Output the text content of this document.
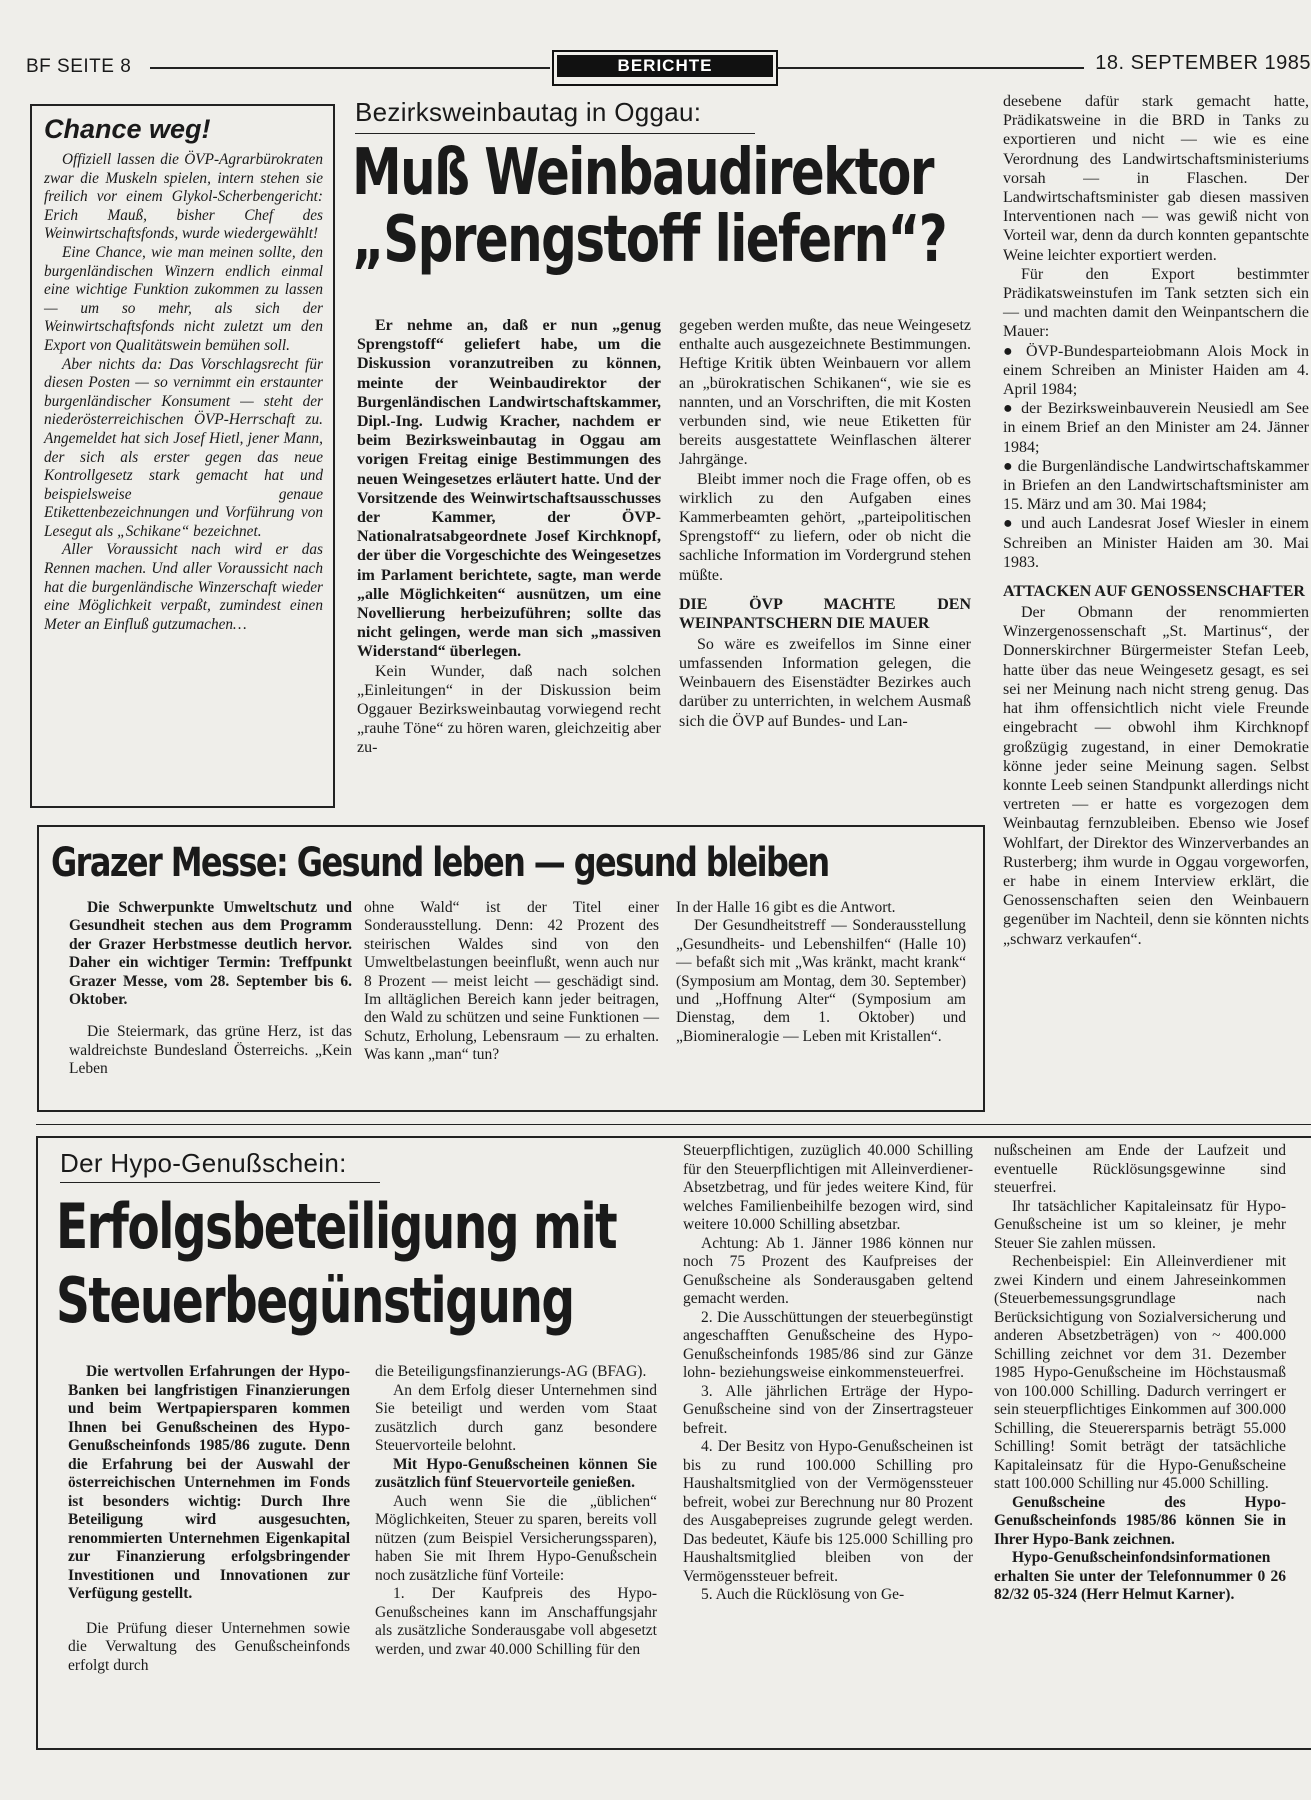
BF SEITE 8	BERICHTE	18. SEPTEMBER 1985
Chance weg!

Offiziell lassen die ÖVP-Agrarbürokraten zwar die Muskeln spielen, intern stehen sie freilich vor einem Glykol-Scherbengericht: Erich Mauß, bisher Chef des Weinwirtschaftsfonds, wurde wiedergewählt!

Eine Chance, wie man meinen sollte, den burgenländischen Winzern endlich einmal eine wichtige Funktion zukommen zu lassen — um so mehr, als sich der Weinwirtschaftsfonds nicht zuletzt um den Export von Qualitätswein bemühen soll.

Aber nichts da: Das Vorschlagsrecht für diesen Posten — so vernimmt ein erstaunter burgenländischer Konsument — steht der niederösterreichischen ÖVP-Herrschaft zu. Angemeldet hat sich Josef Hietl, jener Mann, der sich als erster gegen das neue Kontrollgesetz stark gemacht hat und beispielsweise genaue Etikettenbezeichnungen und Vorführung von Lesegut als „Schikane“ bezeichnet.

Aller Voraussicht nach wird er das Rennen machen. Und aller Voraussicht nach hat die burgenländische Winzerschaft wieder eine Möglichkeit verpaßt, zumindest einen Meter an Einfluß gutzumachen…

Bezirksweinbautag in Oggau:
Muß Weinbaudirektor
„Sprengstoff liefern“?

Er nehme an, daß er nun „genug Sprengstoff“ geliefert habe, um die Diskussion voranzutreiben zu können, meinte der Weinbaudirektor der Burgenländischen Landwirtschaftskammer, Dipl.-Ing. Ludwig Kracher, nachdem er beim Bezirksweinbautag in Oggau am vorigen Freitag einige Bestimmungen des neuen Weingesetzes erläutert hatte. Und der Vorsitzende des Weinwirtschaftsausschusses der Kammer, der ÖVP-Nationalratsabgeordnete Josef Kirchknopf, der über die Vorgeschichte des Weingesetzes im Parlament berichtete, sagte, man werde „alle Möglichkeiten“ ausnützen, um eine Novellierung herbeizuführen; sollte das nicht gelingen, werde man sich „massiven Widerstand“ überlegen.

Kein Wunder, daß nach solchen „Einleitungen“ in der Diskussion beim Oggauer Bezirksweinbautag vorwiegend recht „rauhe Töne“ zu hören waren, gleichzeitig aber zu-

gegeben werden mußte, das neue Weingesetz enthalte auch ausgezeichnete Bestimmungen. Heftige Kritik übten Weinbauern vor allem an „bürokratischen Schikanen“, wie sie es nannten, und an Vorschriften, die mit Kosten verbunden sind, wie neue Etiketten für bereits ausgestattete Weinflaschen älterer Jahrgänge.

Bleibt immer noch die Frage offen, ob es wirklich zu den Aufgaben eines Kammerbeamten gehört, „parteipolitischen Sprengstoff“ zu liefern, oder ob nicht die sachliche Information im Vordergrund stehen müßte.

DIE ÖVP MACHTE DEN WEINPANTSCHERN DIE MAUER

So wäre es zweifellos im Sinne einer umfassenden Information gelegen, die Weinbauern des Eisenstädter Bezirkes auch darüber zu unterrichten, in welchem Ausmaß sich die ÖVP auf Bundes- und Lan-

desebene dafür stark gemacht hatte, Prädikatsweine in die BRD in Tanks zu exportieren und nicht — wie es eine Verordnung des Landwirtschaftsministeriums vorsah — in Flaschen. Der Landwirtschaftsminister gab diesen massiven Interventionen nach — was gewiß nicht von Vorteil war, denn da durch konnten gepantschte Weine leichter exportiert werden.

Für den Export bestimmter Prädikatsweinstufen im Tank setzten sich ein — und machten damit den Weinpantschern die Mauer:

● ÖVP-Bundesparteiobmann Alois Mock in einem Schreiben an Minister Haiden am 4. April 1984;

● der Bezirksweinbauverein Neusiedl am See in einem Brief an den Minister am 24. Jänner 1984;

● die Burgenländische Landwirtschaftskammer in Briefen an den Landwirtschaftsminister am 15. März und am 30. Mai 1984;

● und auch Landesrat Josef Wiesler in einem Schreiben an Minister Haiden am 30. Mai 1983.

ATTACKEN AUF GENOSSENSCHAFTER

Der Obmann der renommierten Winzergenossenschaft „St. Martinus“, der Donnerskirchner Bürgermeister Stefan Leeb, hatte über das neue Weingesetz gesagt, es sei sei ner Meinung nach nicht streng genug. Das hat ihm offensichtlich nicht viele Freunde eingebracht — obwohl ihm Kirchknopf großzügig zugestand, in einer Demokratie könne jeder seine Meinung sagen. Selbst konnte Leeb seinen Standpunkt allerdings nicht vertreten — er hatte es vorgezogen dem Weinbautag fernzubleiben. Ebenso wie Josef Wohlfart, der Direktor des Winzerverbandes an Rusterberg; ihm wurde in Oggau vorgeworfen, er habe in einem Interview erklärt, die Genossenschaften seien den Weinbauern gegenüber im Nachteil, denn sie könnten nichts „schwarz verkaufen“.

Grazer Messe: Gesund leben — gesund bleiben

Die Schwerpunkte Umweltschutz und Gesundheit stechen aus dem Programm der Grazer Herbstmesse deutlich hervor. Daher ein wichtiger Termin: Treffpunkt Grazer Messe, vom 28. September bis 6. Oktober.

Die Steiermark, das grüne Herz, ist das waldreichste Bundesland Österreichs. „Kein Leben

ohne Wald“ ist der Titel einer Sonderausstellung. Denn: 42 Prozent des steirischen Waldes sind von den Umweltbelastungen beeinflußt, wenn auch nur 8 Prozent — meist leicht — geschädigt sind. Im alltäglichen Bereich kann jeder beitragen, den Wald zu schützen und seine Funktionen — Schutz, Erholung, Lebensraum — zu erhalten. Was kann „man“ tun?

In der Halle 16 gibt es die Antwort.

Der Gesundheitstreff — Sonderausstellung „Gesundheits- und Lebenshilfen“ (Halle 10) — befaßt sich mit „Was kränkt, macht krank“ (Symposium am Montag, dem 30. September) und „Hoffnung Alter“ (Symposium am Dienstag, dem 1. Oktober) und „Biomineralogie — Leben mit Kristallen“.

Der Hypo-Genußschein:
Erfolgsbeteiligung mit
Steuerbegünstigung

Die wertvollen Erfahrungen der Hypo-Banken bei langfristigen Finanzierungen und beim Wertpapiersparen kommen Ihnen bei Genußscheinen des Hypo-Genußscheinfonds 1985/86 zugute. Denn die Erfahrung bei der Auswahl der österreichischen Unternehmen im Fonds ist besonders wichtig: Durch Ihre Beteiligung wird ausgesuchten, renommierten Unternehmen Eigenkapital zur Finanzierung erfolgsbringender Investitionen und Innovationen zur Verfügung gestellt.

Die Prüfung dieser Unternehmen sowie die Verwaltung des Genußscheinfonds erfolgt durch

die Beteiligungsfinanzierungs-AG (BFAG).

An dem Erfolg dieser Unternehmen sind Sie beteiligt und werden vom Staat zusätzlich durch ganz besondere Steuervorteile belohnt.

Mit Hypo-Genußscheinen können Sie zusätzlich fünf Steuervorteile genießen.

Auch wenn Sie die „üblichen“ Möglichkeiten, Steuer zu sparen, bereits voll nützen (zum Beispiel Versicherungssparen), haben Sie mit Ihrem Hypo-Genußschein noch zusätzliche fünf Vorteile:

1. Der Kaufpreis des Hypo-Genußscheines kann im Anschaffungsjahr als zusätzliche Sonderausgabe voll abgesetzt werden, und zwar 40.000 Schilling für den

Steuerpflichtigen, zuzüglich 40.000 Schilling für den Steuerpflichtigen mit Alleinverdiener-Absetzbetrag, und für jedes weitere Kind, für welches Familienbeihilfe bezogen wird, sind weitere 10.000 Schilling absetzbar.

Achtung: Ab 1. Jänner 1986 können nur noch 75 Prozent des Kaufpreises der Genußscheine als Sonderausgaben geltend gemacht werden.

2. Die Ausschüttungen der steuerbegünstigt angeschafften Genußscheine des Hypo-Genußscheinfonds 1985/86 sind zur Gänze lohn- beziehungsweise einkommensteuerfrei.

3. Alle jährlichen Erträge der Hypo-Genußscheine sind von der Zinsertragsteuer befreit.

4. Der Besitz von Hypo-Genußscheinen ist bis zu rund 100.000 Schilling pro Haushaltsmitglied von der Vermögenssteuer befreit, wobei zur Berechnung nur 80 Prozent des Ausgabepreises zugrunde gelegt werden. Das bedeutet, Käufe bis 125.000 Schilling pro Haushaltsmitglied bleiben von der Vermögenssteuer befreit.

5. Auch die Rücklösung von Ge-

nußscheinen am Ende der Laufzeit und eventuelle Rücklösungsgewinne sind steuerfrei.

Ihr tatsächlicher Kapitaleinsatz für Hypo-Genußscheine ist um so kleiner, je mehr Steuer Sie zahlen müssen.

Rechenbeispiel: Ein Alleinverdiener mit zwei Kindern und einem Jahreseinkommen (Steuerbemessungsgrundlage nach Berücksichtigung von Sozialversicherung und anderen Absetzbeträgen) von ~ 400.000 Schilling zeichnet vor dem 31. Dezember 1985 Hypo-Genußscheine im Höchstausmaß von 100.000 Schilling. Dadurch verringert er sein steuerpflichtiges Einkommen auf 300.000 Schilling, die Steuerersparnis beträgt 55.000 Schilling! Somit beträgt der tatsächliche Kapitaleinsatz für die Hypo-Genußscheine statt 100.000 Schilling nur 45.000 Schilling.

Genußscheine des Hypo-Genußscheinfonds 1985/86 können Sie in Ihrer Hypo-Bank zeichnen.

Hypo-Genußscheinfondsinformationen erhalten Sie unter der Telefonnummer 0 26 82/32 05-324 (Herr Helmut Karner).
